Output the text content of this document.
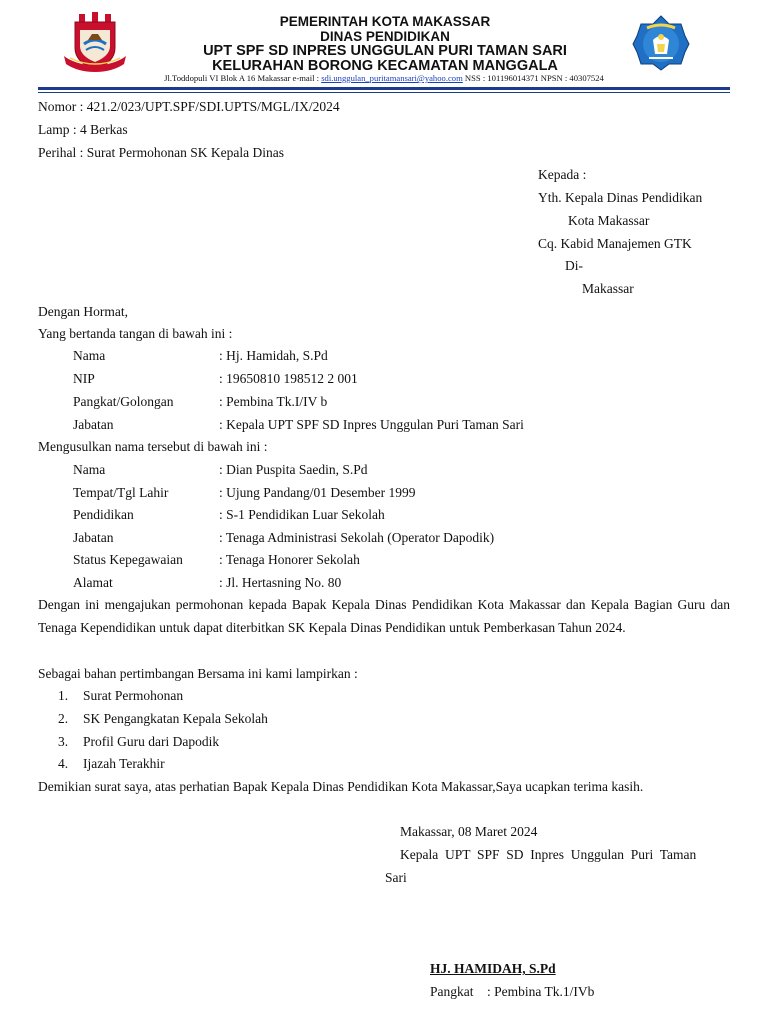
PEMERINTAH KOTA MAKASSAR
DINAS PENDIDIKAN
UPT SPF SD INPRES UNGGULAN PURI TAMAN SARI
KELURAHAN BORONG KECAMATAN MANGGALA
Jl.Toddopuli VI Blok A 16 Makassar e-mail : sdi.unggulan_puritamansari@yahoo.com NSS : 101196014371 NPSN : 40307524
Nomor : 421.2/023/UPT.SPF/SDI.UPTS/MGL/IX/2024
Lamp : 4 Berkas
Perihal : Surat Permohonan SK Kepala Dinas
Kepada :
Yth. Kepala Dinas Pendidikan
Kota Makassar
Cq. Kabid Manajemen GTK
Di-
Makassar
Dengan Hormat,
Yang bertanda tangan di bawah ini :
Nama	: Hj. Hamidah, S.Pd
NIP	: 19650810 198512 2 001
Pangkat/Golongan	: Pembina Tk.I/IV b
Jabatan	: Kepala UPT SPF SD Inpres Unggulan Puri Taman Sari
Mengusulkan nama tersebut di bawah ini :
Nama	: Dian Puspita Saedin, S.Pd
Tempat/Tgl Lahir	: Ujung Pandang/01 Desember 1999
Pendidikan	: S-1 Pendidikan Luar Sekolah
Jabatan	: Tenaga Administrasi Sekolah (Operator Dapodik)
Status Kepegawaian	: Tenaga Honorer Sekolah
Alamat	: Jl. Hertasning No. 80
Dengan ini mengajukan permohonan kepada Bapak Kepala Dinas Pendidikan Kota Makassar dan Kepala Bagian Guru dan Tenaga Kependidikan untuk dapat diterbitkan SK Kepala Dinas Pendidikan untuk Pemberkasan Tahun 2024.
Sebagai bahan pertimbangan Bersama ini kami lampirkan :
1. Surat Permohonan
2. SK Pengangkatan Kepala Sekolah
3. Profil Guru dari Dapodik
4. Ijazah Terakhir
Demikian surat saya, atas perhatian Bapak Kepala Dinas Pendidikan Kota Makassar,Saya ucapkan terima kasih.
Makassar, 08 Maret 2024
Kepala  UPT  SPF  SD  Inpres  Unggulan  Puri  Taman
Sari
HJ. HAMIDAH, S.Pd
Pangkat    : Pembina Tk.1/IVb
